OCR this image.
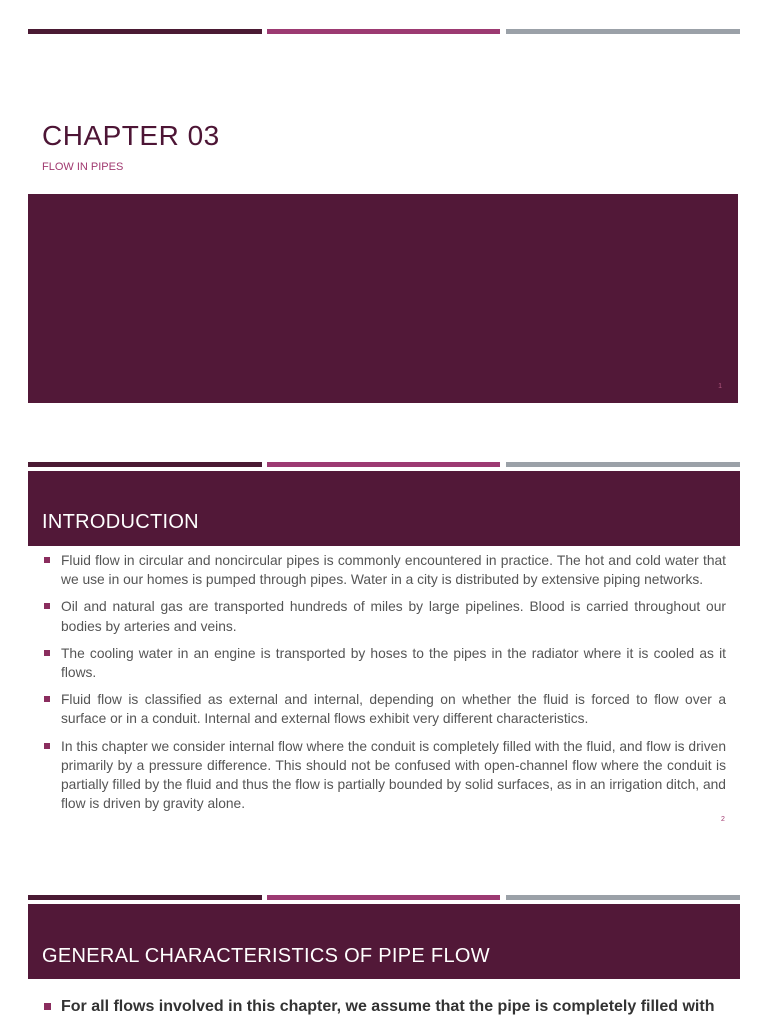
CHAPTER 03
FLOW IN PIPES
1
INTRODUCTION
Fluid flow in circular and noncircular pipes is commonly encountered in practice. The hot and cold water that we use in our homes is pumped through pipes. Water in a city is distributed by extensive piping networks.
Oil and natural gas are transported hundreds of miles by large pipelines. Blood is carried throughout our bodies by arteries and veins.
The cooling water in an engine is transported by hoses to the pipes in the radiator where it is cooled as it flows.
Fluid flow is classified as external and internal, depending on whether the fluid is forced to flow over a surface or in a conduit. Internal and external flows exhibit very different characteristics.
In this chapter we consider internal flow where the conduit is completely filled with the fluid, and flow is driven primarily by a pressure difference. This should not be confused with open-channel flow where the conduit is partially filled by the fluid and thus the flow is partially bounded by solid surfaces, as in an irrigation ditch, and flow is driven by gravity alone.
2
GENERAL CHARACTERISTICS OF PIPE FLOW
For all flows involved in this chapter, we assume that the pipe is completely filled with
